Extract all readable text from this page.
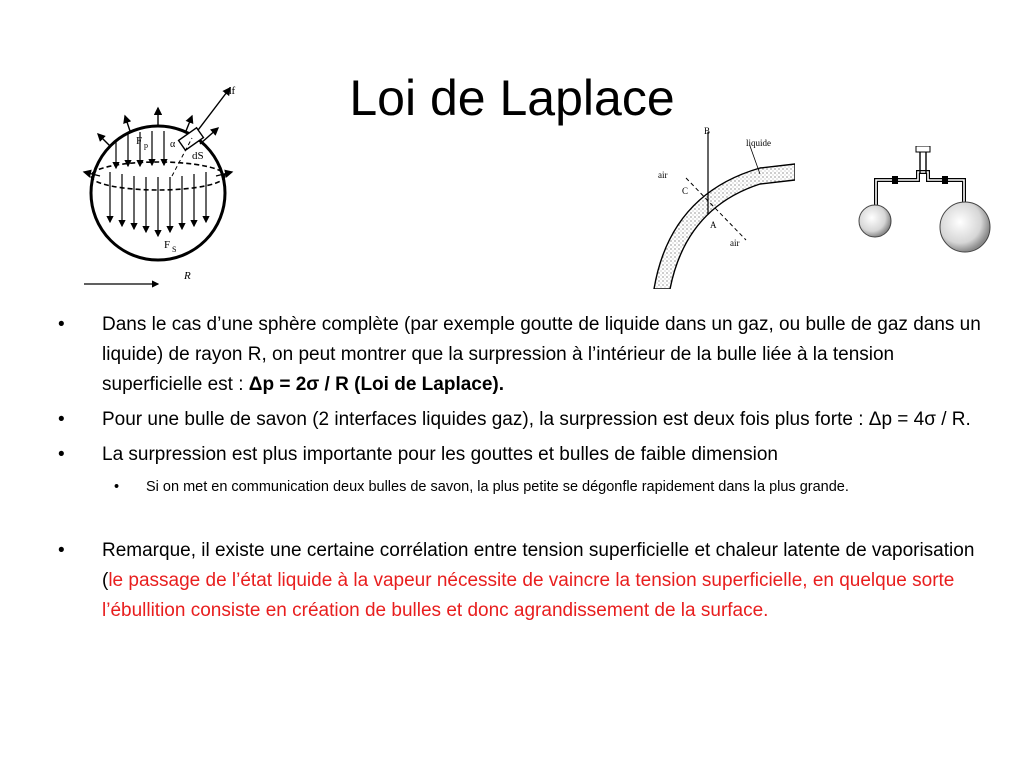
Loi de Laplace
df
F p α
dS
F S
R
B
liquide
air
C
A
air
•	Dans le cas d’une sphère complète (par exemple goutte de liquide dans un gaz, ou bulle de gaz dans un liquide) de rayon R, on peut montrer que la surpression à l’intérieur de la bulle liée à la tension superficielle est : Δp = 2σ / R (Loi de Laplace).
•	Pour une bulle de savon (2 interfaces liquides gaz), la surpression est deux fois plus forte : Δp = 4σ / R.
•	La surpression est plus importante pour les gouttes et bulles de faible dimension
• Si on met en communication deux bulles de savon, la plus petite se dégonfle rapidement dans la plus grande.
•	Remarque, il existe une certaine corrélation entre tension superficielle et chaleur latente de vaporisation (le passage de l’état liquide à la vapeur nécessite de vaincre la tension superficielle, en quelque sorte l’ébullition consiste en création de bulles et donc agrandissement de la surface.
